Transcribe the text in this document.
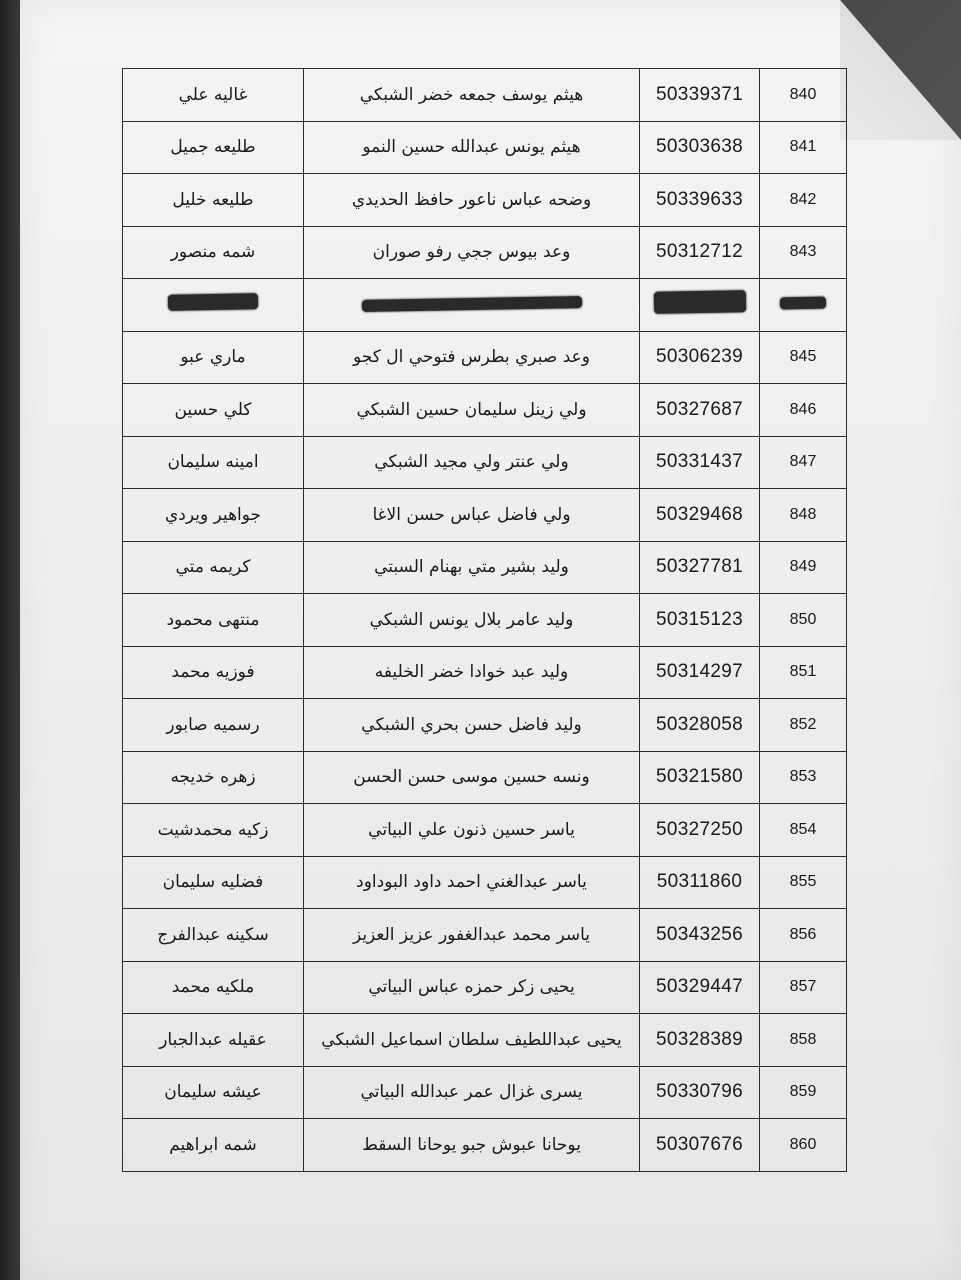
غاليه علي	هيثم يوسف جمعه خضر الشبكي	50339371	840
طليعه جميل	هيثم يونس عبدالله حسين النمو	50303638	841
طليعه خليل	وضحه عباس ناعور حافظ الحديدي	50339633	842
شمه منصور	وعد بيوس ججي رفو صوران	50312712	843

ماري عبو	وعد صبري بطرس فتوحي ال كجو	50306239	845
كلي حسين	ولي زينل سليمان حسين الشبكي	50327687	846
امينه سليمان	ولي عنتر ولي مجيد الشبكي	50331437	847
جواهير ويردي	ولي فاضل عباس حسن الاغا	50329468	848
كريمه متي	وليد بشير متي بهنام السبتي	50327781	849
منتهى محمود	وليد عامر بلال يونس الشبكي	50315123	850
فوزيه محمد	وليد عبد خوادا خضر الخليفه	50314297	851
رسميه صابور	وليد فاضل حسن بحري الشبكي	50328058	852
زهره خديجه	ونسه حسين موسى حسن الحسن	50321580	853
زكيه محمدشيت	ياسر حسين ذنون علي البياتي	50327250	854
فضليه سليمان	ياسر عبدالغني احمد داود البوداود	50311860	855
سكينه عبدالفرج	ياسر محمد عبدالغفور عزيز العزيز	50343256	856
ملكيه محمد	يحيى زكر حمزه عباس البياتي	50329447	857
عقيله عبدالجبار	يحيى عبداللطيف سلطان اسماعيل الشبكي	50328389	858
عيشه سليمان	يسرى غزال عمر عبدالله البياتي	50330796	859
شمه ابراهيم	يوحانا عبوش جبو يوحانا السقط	50307676	860
